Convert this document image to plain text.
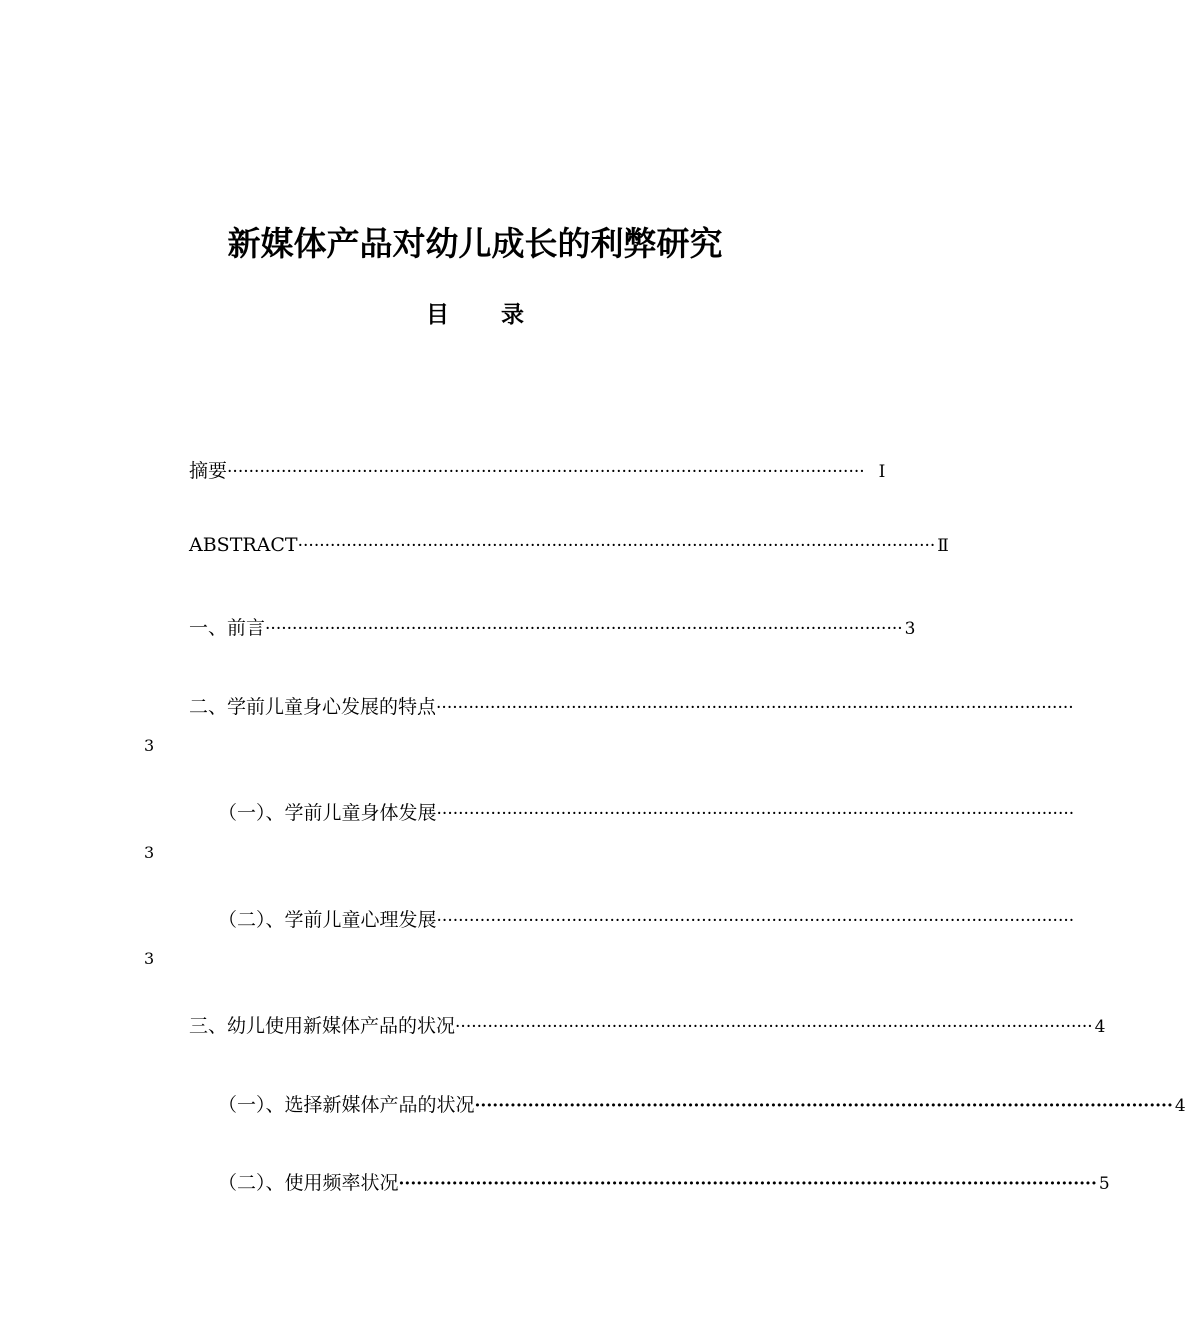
新媒体产品对幼儿成长的利弊研究
目 录
摘要 ······················································································································ Ⅰ
ABSTRACT ······················································································································ Ⅱ
一、前言 ······················································································································ 3
二、学前儿童身心发展的特点 ······················································································································
3
（一）、学前儿童身体发展 ······················································································································
3
（二）、学前儿童心理发展 ······················································································································
3
三、幼儿使用新媒体产品的状况 ······················································································································ 4
（一）、选择新媒体产品的状况 ······················································································································ 4
（二）、使用频率状况 ······················································································································ 5
